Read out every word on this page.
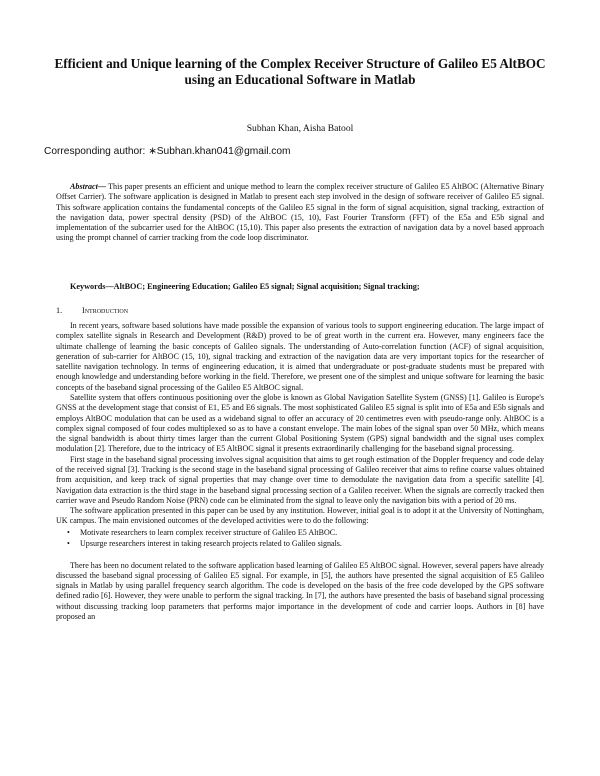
Efficient and Unique learning of the Complex Receiver Structure of Galileo E5 AltBOC
using an Educational Software in Matlab
Subhan Khan, Aisha Batool
Corresponding author: ∗Subhan.khan041@gmail.com
Abstract— This paper presents an efficient and unique method to learn the complex receiver structure of Galileo E5 AltBOC (Alternative Binary Offset Carrier). The software application is designed in Matlab to present each step involved in the design of software receiver of Galileo E5 signal. This software application contains the fundamental concepts of the Galileo E5 signal in the form of signal acquisition, signal tracking, extraction of the navigation data, power spectral density (PSD) of the AltBOC (15, 10), Fast Fourier Transform (FFT) of the E5a and E5b signal and implementation of the subcarrier used for the AltBOC (15,10). This paper also presents the extraction of navigation data by a novel based approach using the prompt channel of carrier tracking from the code loop discriminator.
Keywords—AltBOC; Engineering Education; Galileo E5 signal; Signal acquisition; Signal tracking;
1. Introduction

In recent years, software based solutions have made possible the expansion of various tools to support engineering education. The large impact of complex satellite signals in Research and Development (R&D) proved to be of great worth in the current era. However, many engineers face the ultimate challenge of learning the basic concepts of Galileo signals. The understanding of Auto-correlation function (ACF) of signal acquisition, generation of sub-carrier for AltBOC (15, 10), signal tracking and extraction of the navigation data are very important topics for the researcher of satellite navigation technology. In terms of engineering education, it is aimed that undergraduate or post-graduate students must be prepared with enough knowledge and understanding before working in the field. Therefore, we present one of the simplest and unique software for learning the basic concepts of the baseband signal processing of the Galileo E5 AltBOC signal.

Satellite system that offers continuous positioning over the globe is known as Global Navigation Satellite System (GNSS) [1]. Galileo is Europe's GNSS at the development stage that consist of E1, E5 and E6 signals. The most sophisticated Galileo E5 signal is split into of E5a and E5b signals and employs AltBOC modulation that can be used as a wideband signal to offer an accuracy of 20 centimetres even with pseudo-range only. AltBOC is a complex signal composed of four codes multiplexed so as to have a constant envelope. The main lobes of the signal span over 50 MHz, which means the signal bandwidth is about thirty times larger than the current Global Positioning System (GPS) signal bandwidth and the signal uses complex modulation [2]. Therefore, due to the intricacy of E5 AltBOC signal it presents extraordinarily challenging for the baseband signal processing.

First stage in the baseband signal processing involves signal acquisition that aims to get rough estimation of the Doppler frequency and code delay of the received signal [3]. Tracking is the second stage in the baseband signal processing of Galileo receiver that aims to refine coarse values obtained from acquisition, and keep track of signal properties that may change over time to demodulate the navigation data from a specific satellite [4]. Navigation data extraction is the third stage in the baseband signal processing section of a Galileo receiver. When the signals are correctly tracked then carrier wave and Pseudo Random Noise (PRN) code can be eliminated from the signal to leave only the navigation bits with a period of 20 ms.

The software application presented in this paper can be used by any institution. However, initial goal is to adopt it at the University of Nottingham, UK campus. The main envisioned outcomes of the developed activities were to do the following:

• Motivate researchers to learn complex receiver structure of Galileo E5 AltBOC.
• Upsurge researchers interest in taking research projects related to Galileo signals.

There has been no document related to the software application based learning of Galileo E5 AltBOC signal. However, several papers have already discussed the baseband signal processing of Galileo E5 signal. For example, in [5], the authors have presented the signal acquisition of E5 Galileo signals in Matlab by using parallel frequency search algorithm. The code is developed on the basis of the free code developed by the GPS software defined radio [6]. However, they were unable to perform the signal tracking. In [7], the authors have presented the basis of baseband signal processing without discussing tracking loop parameters that performs major importance in the development of code and carrier loops. Authors in [8] have proposed an
